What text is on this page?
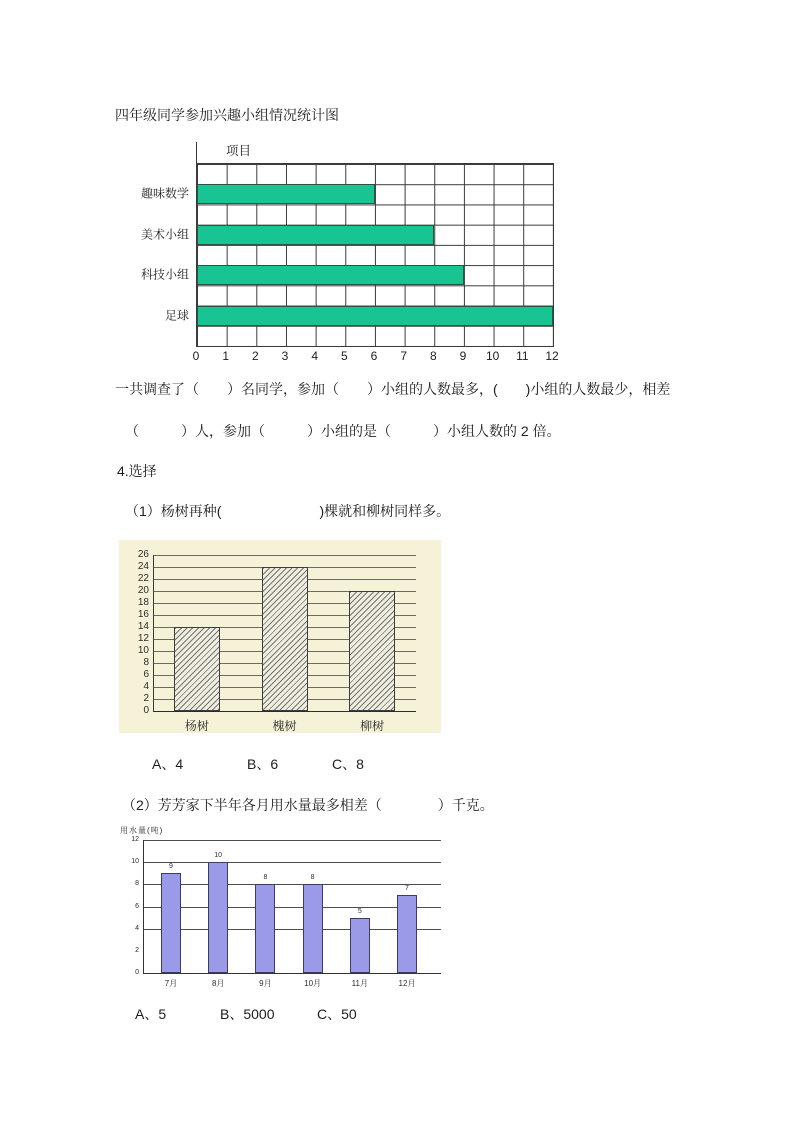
四年级同学参加兴趣小组情况统计图
项目
趣味数学
美术小组
科技小组
足球
0 1 2 3 4 5 6 7 8 9 10 11 12
一共调查了（　　）名同学，参加（　　）小组的人数最多，(　　)小组的人数最少，相差
（　　　）人，参加（　　　）小组的是（　　　）小组人数的 2 倍。
4.选择
（1）杨树再种(　　　　　　　)棵就和柳树同样多。
0
2
4
6
8
10
12
14
16
18
20
22
24
26
杨树	槐树	柳树
A、4	B、6	C、8
（2）芳芳家下半年各月用水量最多相差（　　　　）千克。
用水量(吨)
0
2
4
6
8
10
12
9
7月
10
8月
8
9月
8
10月
5
11月
7
12月
A、5	B、5000	C、50
